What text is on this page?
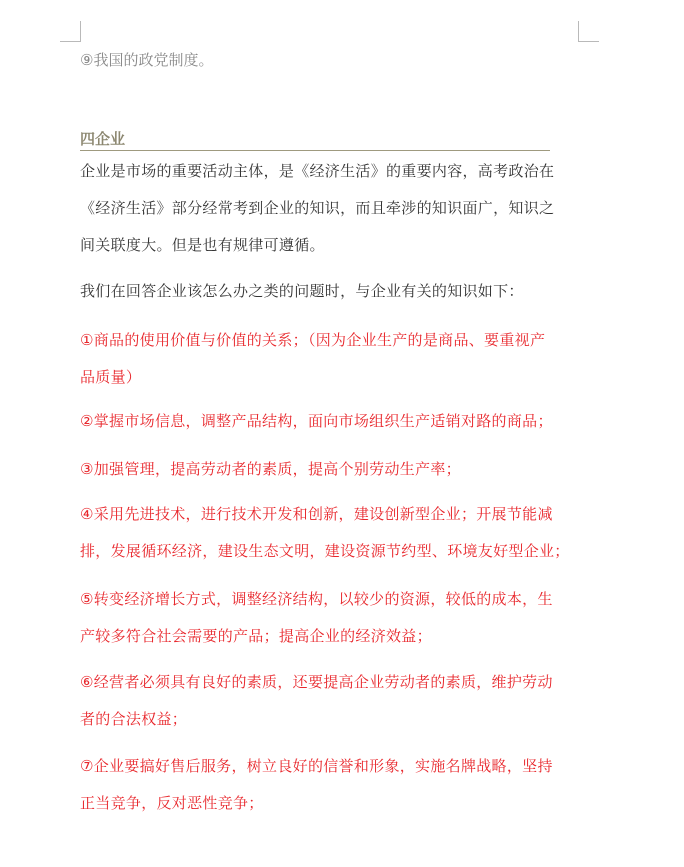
⑨我国的政党制度。
四企业
企业是市场的重要活动主体，是《经济生活》的重要内容，高考政治在
《经济生活》部分经常考到企业的知识，而且牵涉的知识面广，知识之
间关联度大。但是也有规律可遵循。
我们在回答企业该怎么办之类的问题时，与企业有关的知识如下：
①商品的使用价值与价值的关系；（因为企业生产的是商品、要重视产
品质量）
②掌握市场信息，调整产品结构，面向市场组织生产适销对路的商品；
③加强管理，提高劳动者的素质，提高个别劳动生产率；
④采用先进技术，进行技术开发和创新，建设创新型企业；开展节能减
排，发展循环经济，建设生态文明，建设资源节约型、环境友好型企业；
⑤转变经济增长方式，调整经济结构，以较少的资源，较低的成本，生
产较多符合社会需要的产品；提高企业的经济效益；
⑥经营者必须具有良好的素质，还要提高企业劳动者的素质，维护劳动
者的合法权益；
⑦企业要搞好售后服务，树立良好的信誉和形象，实施名牌战略，坚持
正当竞争，反对恶性竞争；
